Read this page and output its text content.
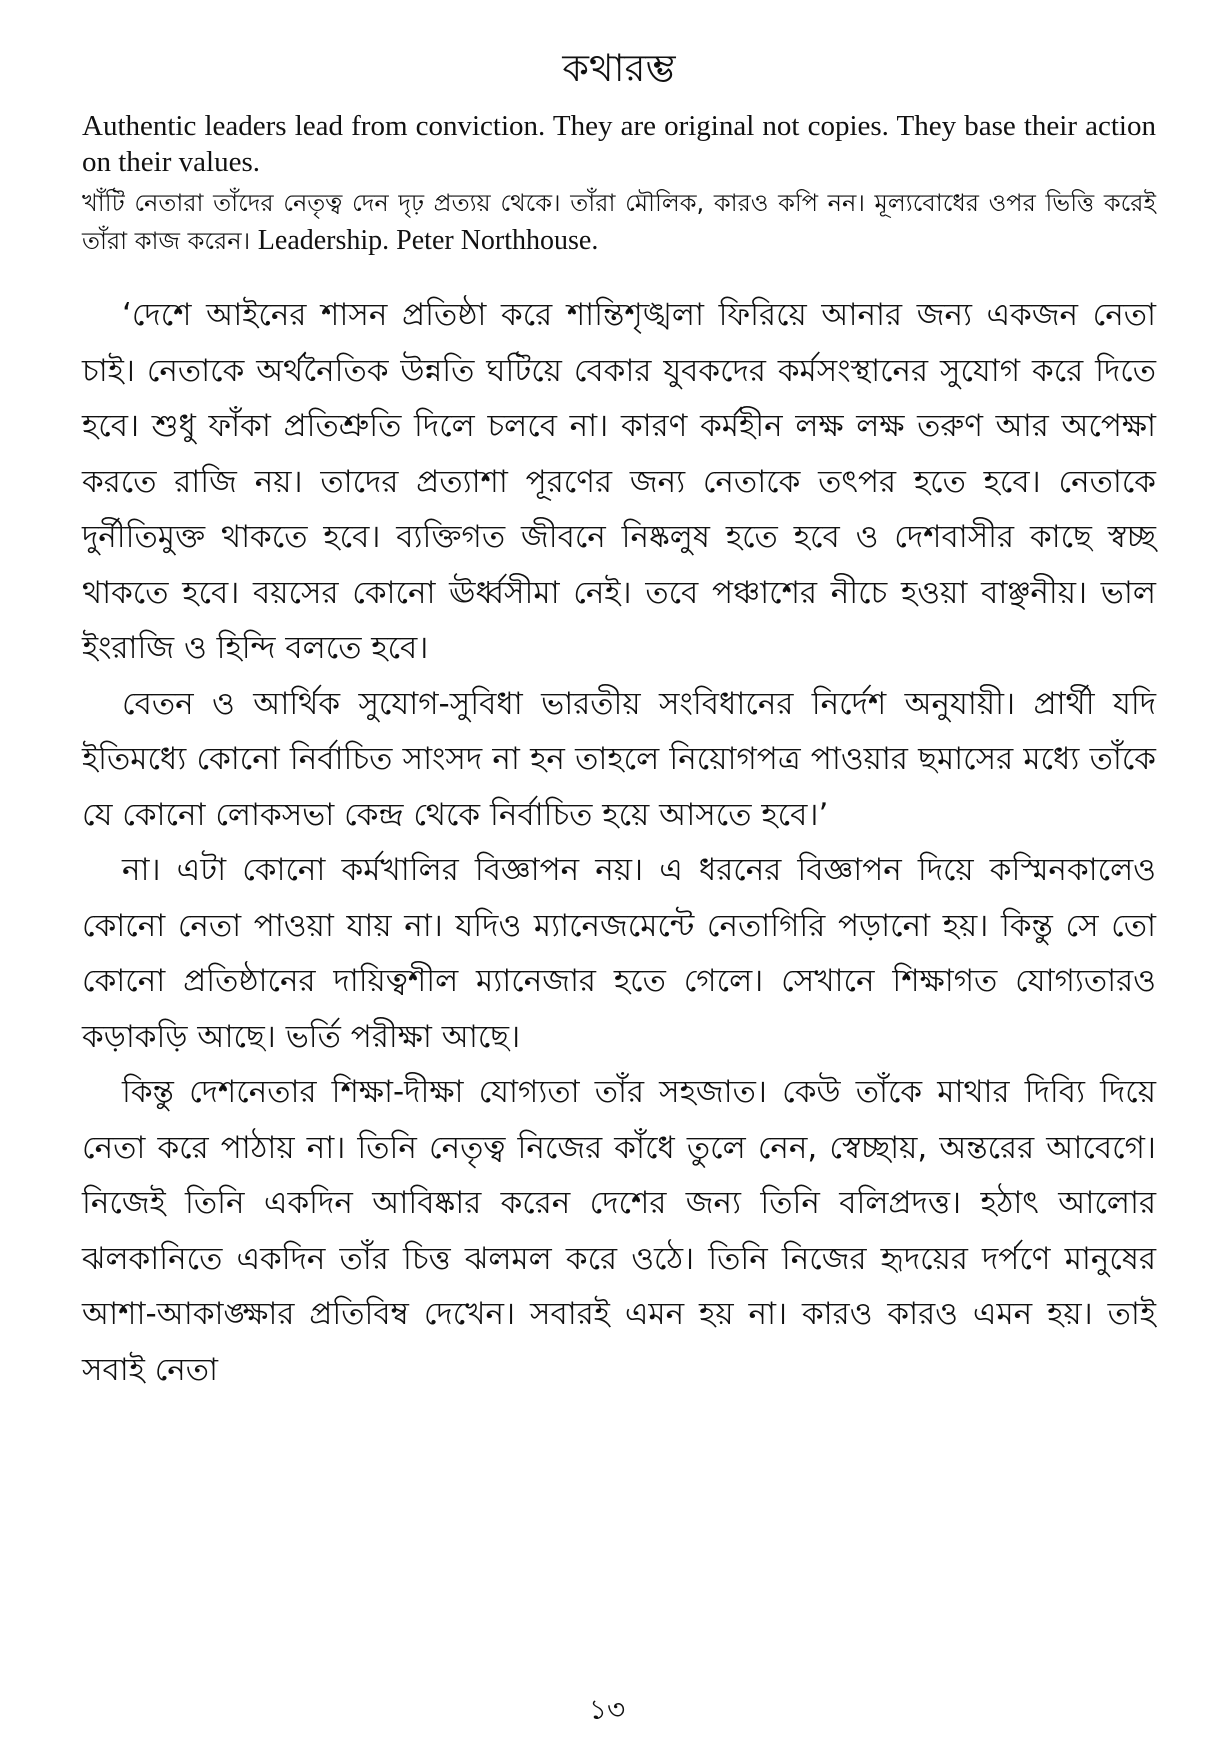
কথারম্ভ

Authentic leaders lead from conviction. They are original not copies. They base their action on their values.

খাঁটি নেতারা তাঁদের নেতৃত্ব দেন দৃঢ় প্রত্যয় থেকে। তাঁরা মৌলিক, কারও কপি নন। মূল্যবোধের ওপর ভিত্তি করেই তাঁরা কাজ করেন। Leadership. Peter Northhouse.

‘দেশে আইনের শাসন প্রতিষ্ঠা করে শান্তিশৃঙ্খলা ফিরিয়ে আনার জন্য একজন নেতা চাই। নেতাকে অর্থনৈতিক উন্নতি ঘটিয়ে বেকার যুবকদের কর্মসংস্থানের সুযোগ করে দিতে হবে। শুধু ফাঁকা প্রতিশ্রুতি দিলে চলবে না। কারণ কর্মহীন লক্ষ লক্ষ তরুণ আর অপেক্ষা করতে রাজি নয়। তাদের প্রত্যাশা পূরণের জন্য নেতাকে তৎপর হতে হবে। নেতাকে দুর্নীতিমুক্ত থাকতে হবে। ব্যক্তিগত জীবনে নিষ্কলুষ হতে হবে ও দেশবাসীর কাছে স্বচ্ছ থাকতে হবে। বয়সের কোনো ঊর্ধ্বসীমা নেই। তবে পঞ্চাশের নীচে হওয়া বাঞ্ছনীয়। ভাল ইংরাজি ও হিন্দি বলতে হবে।

বেতন ও আর্থিক সুযোগ-সুবিধা ভারতীয় সংবিধানের নির্দেশ অনুযায়ী। প্রার্থী যদি ইতিমধ্যে কোনো নির্বাচিত সাংসদ না হন তাহলে নিয়োগপত্র পাওয়ার ছমাসের মধ্যে তাঁকে যে কোনো লোকসভা কেন্দ্র থেকে নির্বাচিত হয়ে আসতে হবে।’

না। এটা কোনো কর্মখালির বিজ্ঞাপন নয়। এ ধরনের বিজ্ঞাপন দিয়ে কস্মিনকালেও কোনো নেতা পাওয়া যায় না। যদিও ম্যানেজমেন্টে নেতাগিরি পড়ানো হয়। কিন্তু সে তো কোনো প্রতিষ্ঠানের দায়িত্বশীল ম্যানেজার হতে গেলে। সেখানে শিক্ষাগত যোগ্যতারও কড়াকড়ি আছে। ভর্তি পরীক্ষা আছে।

কিন্তু দেশনেতার শিক্ষা-দীক্ষা যোগ্যতা তাঁর সহজাত। কেউ তাঁকে মাথার দিব্যি দিয়ে নেতা করে পাঠায় না। তিনি নেতৃত্ব নিজের কাঁধে তুলে নেন, স্বেচ্ছায়, অন্তরের আবেগে। নিজেই তিনি একদিন আবিষ্কার করেন দেশের জন্য তিনি বলিপ্রদত্ত। হঠাৎ আলোর ঝলকানিতে একদিন তাঁর চিত্ত ঝলমল করে ওঠে। তিনি নিজের হৃদয়ের দর্পণে মানুষের আশা-আকাঙ্ক্ষার প্রতিবিম্ব দেখেন। সবারই এমন হয় না। কারও কারও এমন হয়। তাই সবাই নেতা

১৩
